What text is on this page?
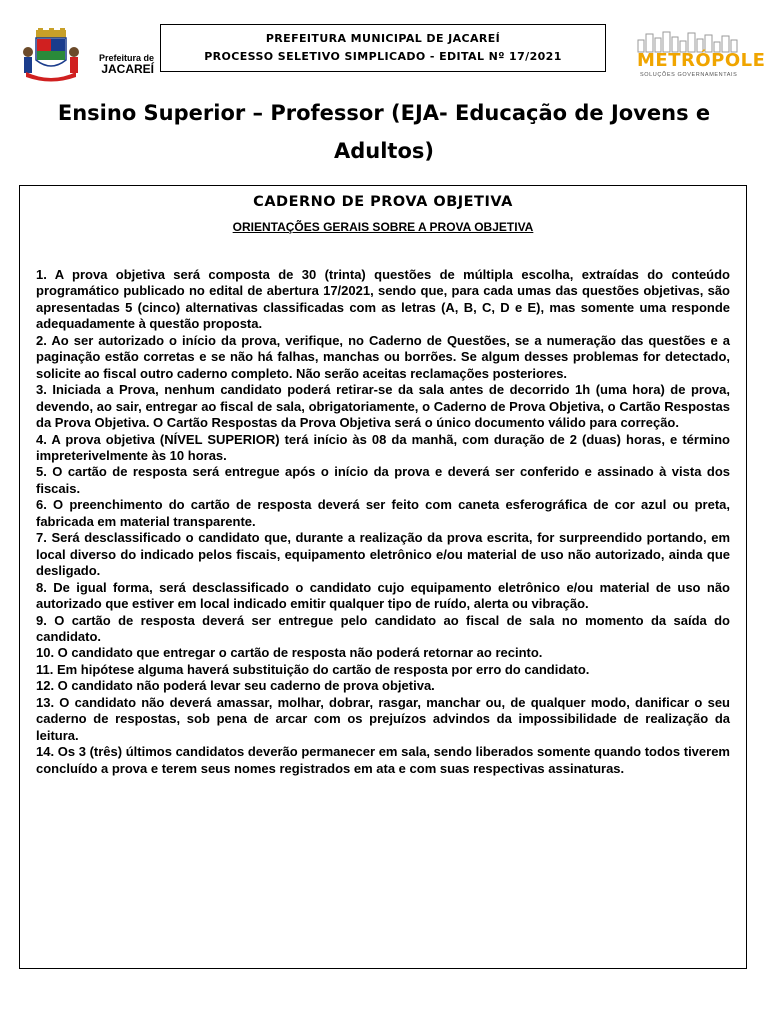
Prefeitura de
JACAREÍ
PREFEITURA MUNICIPAL DE JACAREÍ
PROCESSO SELETIVO SIMPLICADO - EDITAL Nº 17/2021	METRÓPOLE
SOLUÇÕES GOVERNAMENTAIS
Ensino Superior – Professor (EJA- Educação de Jovens e Adultos)
CADERNO DE PROVA OBJETIVA
ORIENTAÇÕES GERAIS SOBRE A PROVA OBJETIVA

1. A prova objetiva será composta de 30 (trinta) questões de múltipla escolha, extraídas do conteúdo programático publicado no edital de abertura 17/2021, sendo que, para cada umas das questões objetivas, são apresentadas 5 (cinco) alternativas classificadas com as letras (A, B, C, D e E), mas somente uma responde adequadamente à questão proposta.

2. Ao ser autorizado o início da prova, verifique, no Caderno de Questões, se a numeração das questões e a paginação estão corretas e se não há falhas, manchas ou borrões. Se algum desses problemas for detectado, solicite ao fiscal outro caderno completo. Não serão aceitas reclamações posteriores.

3. Iniciada a Prova, nenhum candidato poderá retirar-se da sala antes de decorrido 1h (uma hora) de prova, devendo, ao sair, entregar ao fiscal de sala, obrigatoriamente, o Caderno de Prova Objetiva, o Cartão Respostas da Prova Objetiva. O Cartão Respostas da Prova Objetiva será o único documento válido para correção.

4. A prova objetiva (NÍVEL SUPERIOR) terá início às 08 da manhã, com duração de 2 (duas) horas, e término impreterivelmente às 10 horas.

5. O cartão de resposta será entregue após o início da prova e deverá ser conferido e assinado à vista dos fiscais.

6. O preenchimento do cartão de resposta deverá ser feito com caneta esferográfica de cor azul ou preta, fabricada em material transparente.

7. Será desclassificado o candidato que, durante a realização da prova escrita, for surpreendido portando, em local diverso do indicado pelos fiscais, equipamento eletrônico e/ou material de uso não autorizado, ainda que desligado.

8. De igual forma, será desclassificado o candidato cujo equipamento eletrônico e/ou material de uso não autorizado que estiver em local indicado emitir qualquer tipo de ruído, alerta ou vibração.

9. O cartão de resposta deverá ser entregue pelo candidato ao fiscal de sala no momento da saída do candidato.

10. O candidato que entregar o cartão de resposta não poderá retornar ao recinto.

11. Em hipótese alguma haverá substituição do cartão de resposta por erro do candidato.

12. O candidato não poderá levar seu caderno de prova objetiva.

13. O candidato não deverá amassar, molhar, dobrar, rasgar, manchar ou, de qualquer modo, danificar o seu caderno de respostas, sob pena de arcar com os prejuízos advindos da impossibilidade de realização da leitura.

14. Os 3 (três) últimos candidatos deverão permanecer em sala, sendo liberados somente quando todos tiverem concluído a prova e terem seus nomes registrados em ata e com suas respectivas assinaturas.
